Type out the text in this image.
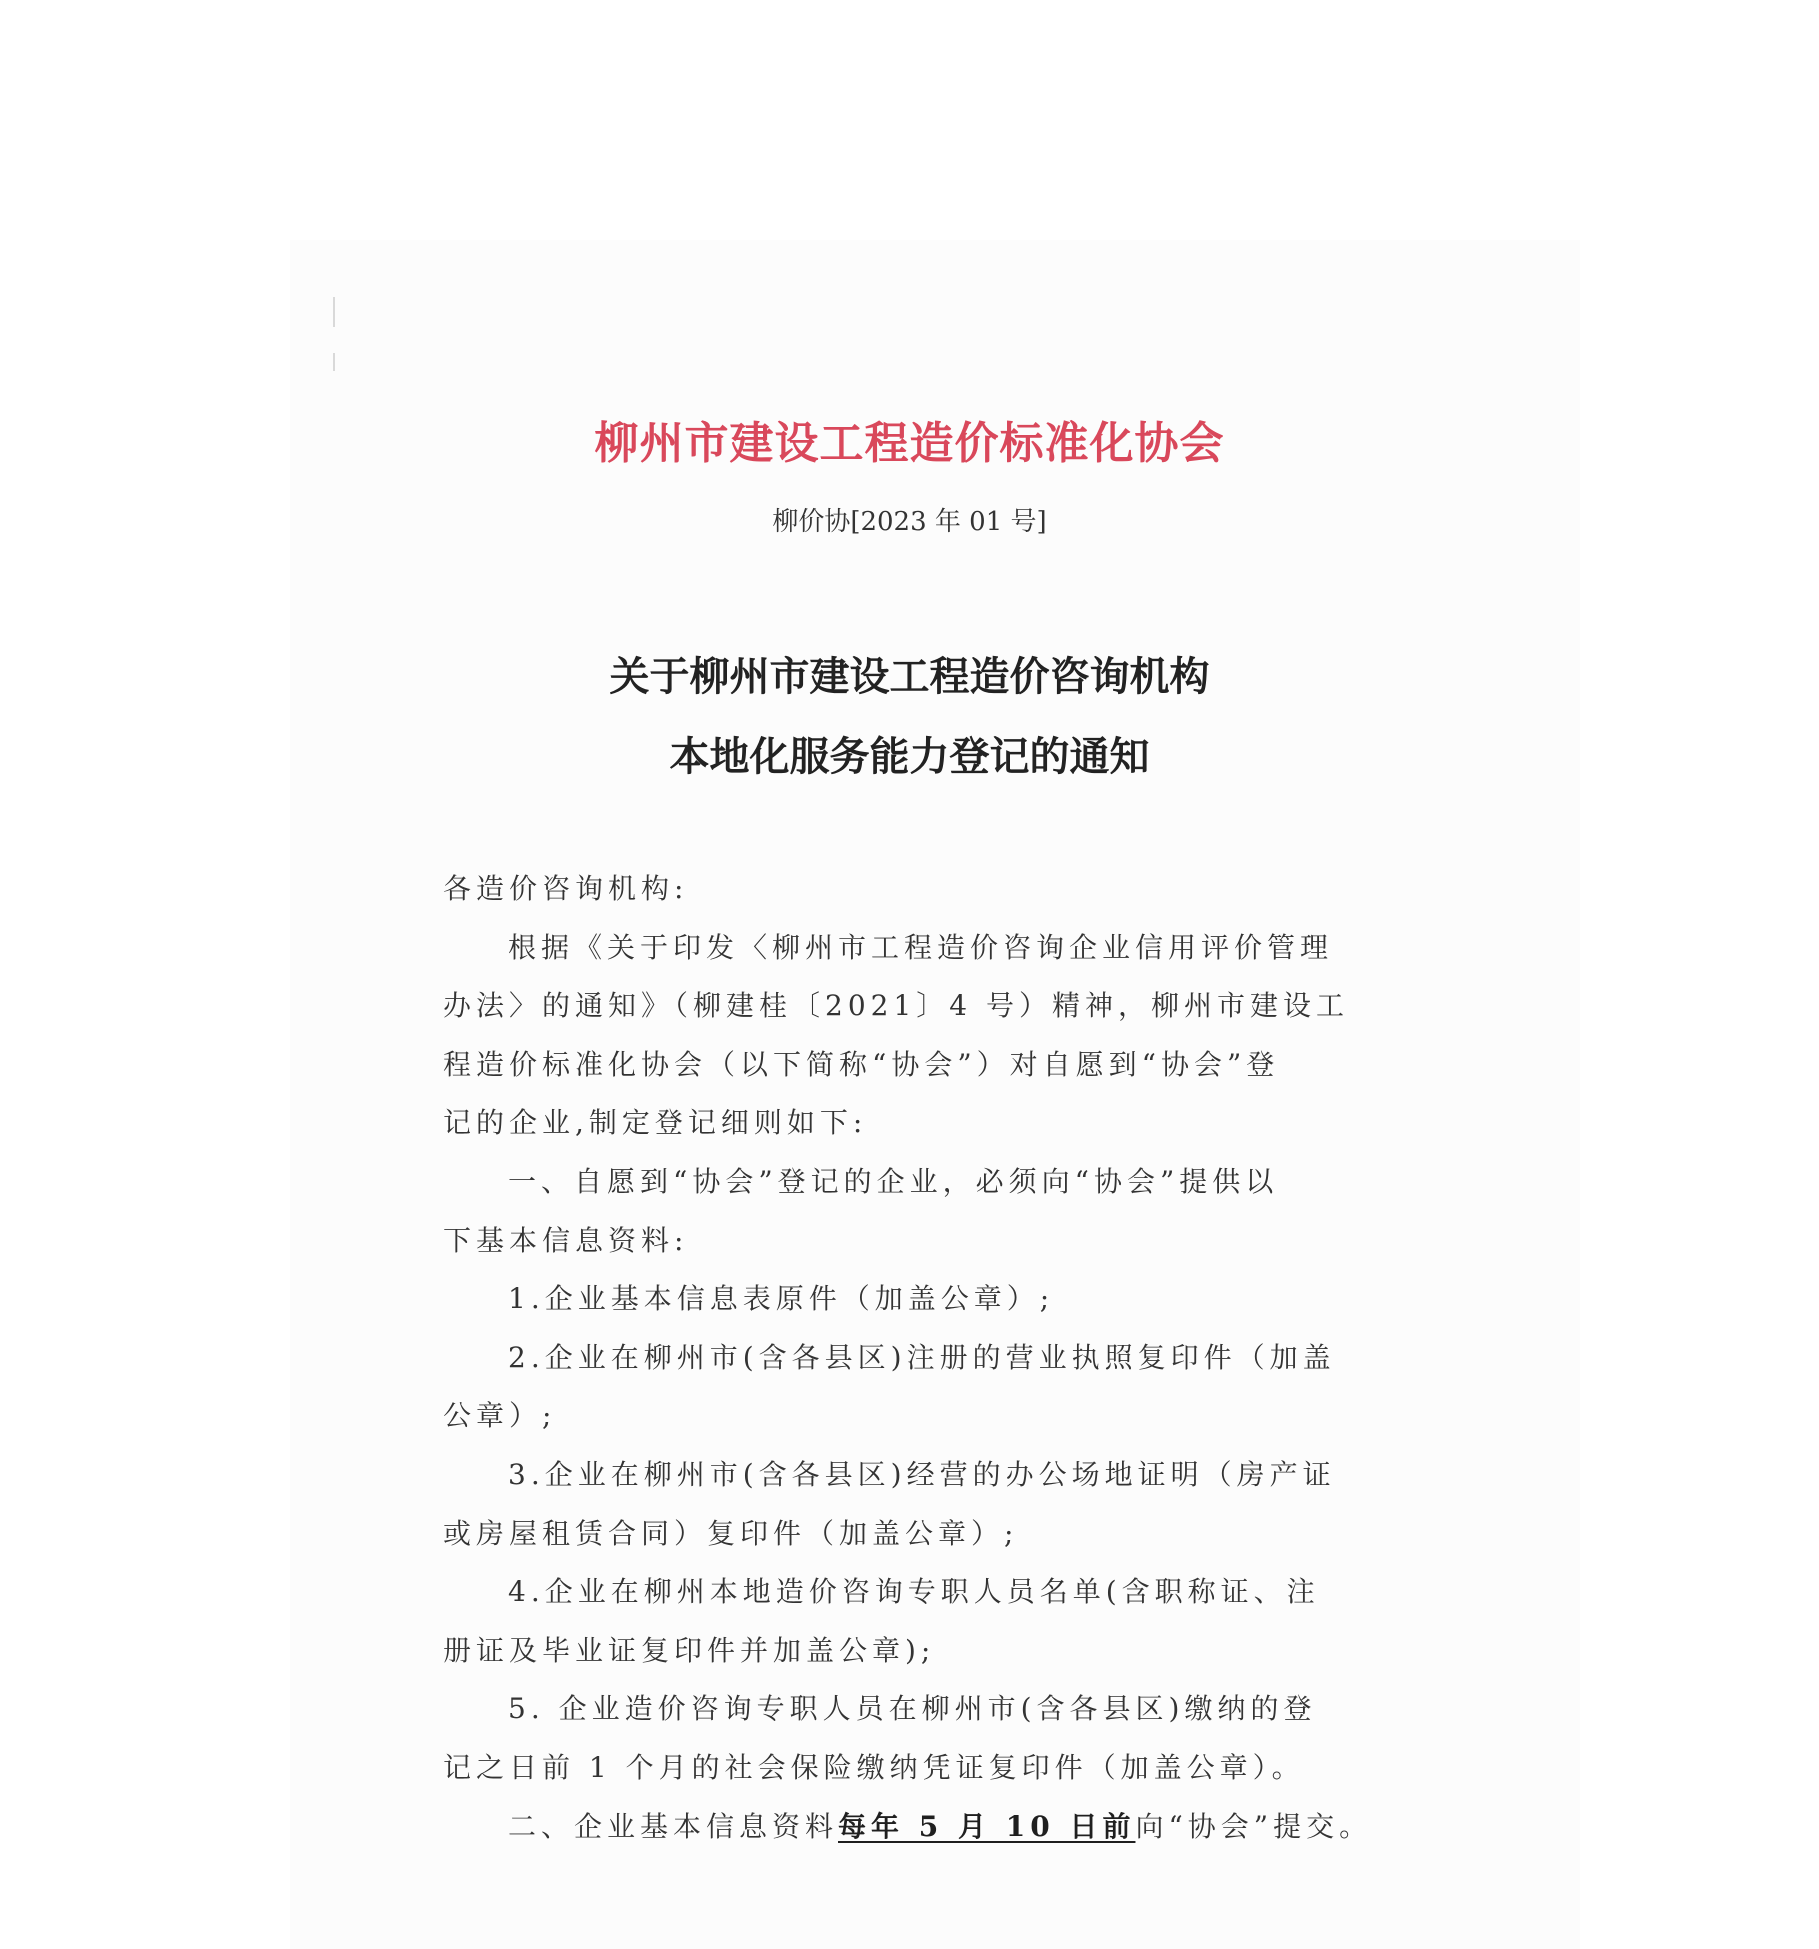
柳州市建设工程造价标准化协会
柳价协[2023 年 01 号]
关于柳州市建设工程造价咨询机构
本地化服务能力登记的通知
各造价咨询机构:
根据《关于印发〈柳州市工程造价咨询企业信用评价管理
办法〉的通知》（柳建桂〔2021〕4 号）精神，柳州市建设工
程造价标准化协会（以下简称“协会”）对自愿到“协会”登
记的企业,制定登记细则如下:
一、自愿到“协会”登记的企业，必须向“协会”提供以
下基本信息资料:
1.企业基本信息表原件（加盖公章）;
2.企业在柳州市(含各县区)注册的营业执照复印件（加盖
公章）;
3.企业在柳州市(含各县区)经营的办公场地证明（房产证
或房屋租赁合同）复印件（加盖公章）;
4.企业在柳州本地造价咨询专职人员名单(含职称证、注
册证及毕业证复印件并加盖公章);
5. 企业造价咨询专职人员在柳州市(含各县区)缴纳的登
记之日前 1 个月的社会保险缴纳凭证复印件（加盖公章）。
二、企业基本信息资料每年 5 月 10 日前向“协会”提交。
